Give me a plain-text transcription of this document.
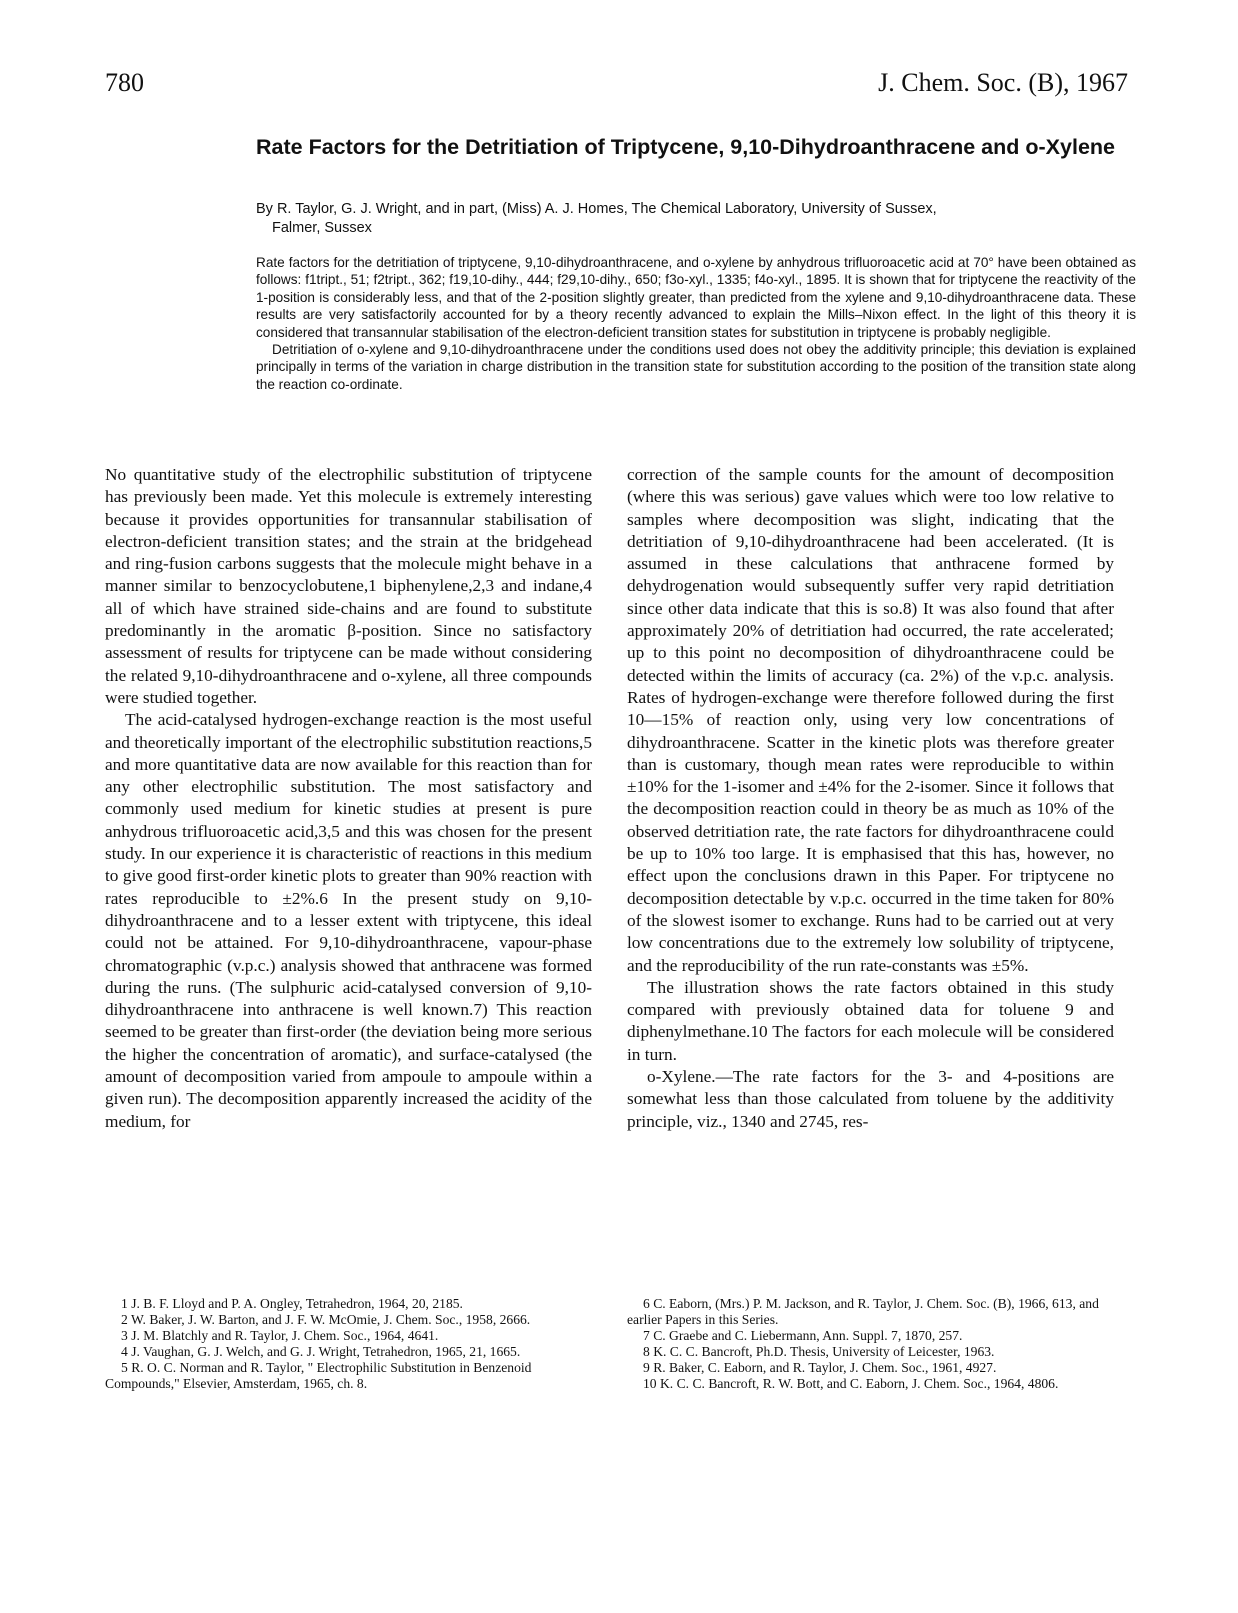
780	J. Chem. Soc. (B), 1967
Rate Factors for the Detritiation of Triptycene, 9,10-Dihydroanthracene and o-Xylene
By R. Taylor, G. J. Wright, and in part, (Miss) A. J. Homes, The Chemical Laboratory, University of Sussex,
Falmer, Sussex

Rate factors for the detritiation of triptycene, 9,10-dihydroanthracene, and o-xylene by anhydrous trifluoroacetic acid at 70° have been obtained as follows: f1tript., 51; f2tript., 362; f19,10-dihy., 444; f29,10-dihy., 650; f3o-xyl., 1335; f4o-xyl., 1895. It is shown that for triptycene the reactivity of the 1-position is considerably less, and that of the 2-position slightly greater, than predicted from the xylene and 9,10-dihydroanthracene data. These results are very satisfactorily accounted for by a theory recently advanced to explain the Mills–Nixon effect. In the light of this theory it is considered that transannular stabilisation of the electron-deficient transition states for substitution in triptycene is probably negligible.

Detritiation of o-xylene and 9,10-dihydroanthracene under the conditions used does not obey the additivity principle; this deviation is explained principally in terms of the variation in charge distribution in the transition state for substitution according to the position of the transition state along the reaction co-ordinate.

No quantitative study of the electrophilic substitution of triptycene has previously been made. Yet this molecule is extremely interesting because it provides opportunities for transannular stabilisation of electron-deficient transition states; and the strain at the bridgehead and ring-fusion carbons suggests that the molecule might behave in a manner similar to benzocyclobutene,1 biphenylene,2,3 and indane,4 all of which have strained side-chains and are found to substitute predominantly in the aromatic β-position. Since no satisfactory assessment of results for triptycene can be made without considering the related 9,10-dihydroanthracene and o-xylene, all three compounds were studied together.

The acid-catalysed hydrogen-exchange reaction is the most useful and theoretically important of the electrophilic substitution reactions,5 and more quantitative data are now available for this reaction than for any other electrophilic substitution. The most satisfactory and commonly used medium for kinetic studies at present is pure anhydrous trifluoroacetic acid,3,5 and this was chosen for the present study. In our experience it is characteristic of reactions in this medium to give good first-order kinetic plots to greater than 90% reaction with rates reproducible to ±2%.6 In the present study on 9,10-dihydroanthracene and to a lesser extent with triptycene, this ideal could not be attained. For 9,10-dihydroanthracene, vapour-phase chromatographic (v.p.c.) analysis showed that anthracene was formed during the runs. (The sulphuric acid-catalysed conversion of 9,10-dihydroanthracene into anthracene is well known.7) This reaction seemed to be greater than first-order (the deviation being more serious the higher the concentration of aromatic), and surface-catalysed (the amount of decomposition varied from ampoule to ampoule within a given run). The decomposition apparently increased the acidity of the medium, for

correction of the sample counts for the amount of decomposition (where this was serious) gave values which were too low relative to samples where decomposition was slight, indicating that the detritiation of 9,10-dihydroanthracene had been accelerated. (It is assumed in these calculations that anthracene formed by dehydrogenation would subsequently suffer very rapid detritiation since other data indicate that this is so.8) It was also found that after approximately 20% of detritiation had occurred, the rate accelerated; up to this point no decomposition of dihydroanthracene could be detected within the limits of accuracy (ca. 2%) of the v.p.c. analysis. Rates of hydrogen-exchange were therefore followed during the first 10—15% of reaction only, using very low concentrations of dihydroanthracene. Scatter in the kinetic plots was therefore greater than is customary, though mean rates were reproducible to within ±10% for the 1-isomer and ±4% for the 2-isomer. Since it follows that the decomposition reaction could in theory be as much as 10% of the observed detritiation rate, the rate factors for dihydroanthracene could be up to 10% too large. It is emphasised that this has, however, no effect upon the conclusions drawn in this Paper. For triptycene no decomposition detectable by v.p.c. occurred in the time taken for 80% of the slowest isomer to exchange. Runs had to be carried out at very low concentrations due to the extremely low solubility of triptycene, and the reproducibility of the run rate-constants was ±5%.

The illustration shows the rate factors obtained in this study compared with previously obtained data for toluene 9 and diphenylmethane.10 The factors for each molecule will be considered in turn.

o-Xylene.—The rate factors for the 3- and 4-positions are somewhat less than those calculated from toluene by the additivity principle, viz., 1340 and 2745, res-

1 J. B. F. Lloyd and P. A. Ongley, Tetrahedron, 1964, 20, 2185.

2 W. Baker, J. W. Barton, and J. F. W. McOmie, J. Chem. Soc., 1958, 2666.

3 J. M. Blatchly and R. Taylor, J. Chem. Soc., 1964, 4641.

4 J. Vaughan, G. J. Welch, and G. J. Wright, Tetrahedron, 1965, 21, 1665.

5 R. O. C. Norman and R. Taylor, " Electrophilic Substitution in Benzenoid Compounds," Elsevier, Amsterdam, 1965, ch. 8.

6 C. Eaborn, (Mrs.) P. M. Jackson, and R. Taylor, J. Chem. Soc. (B), 1966, 613, and earlier Papers in this Series.

7 C. Graebe and C. Liebermann, Ann. Suppl. 7, 1870, 257.

8 K. C. C. Bancroft, Ph.D. Thesis, University of Leicester, 1963.

9 R. Baker, C. Eaborn, and R. Taylor, J. Chem. Soc., 1961, 4927.

10 K. C. C. Bancroft, R. W. Bott, and C. Eaborn, J. Chem. Soc., 1964, 4806.
